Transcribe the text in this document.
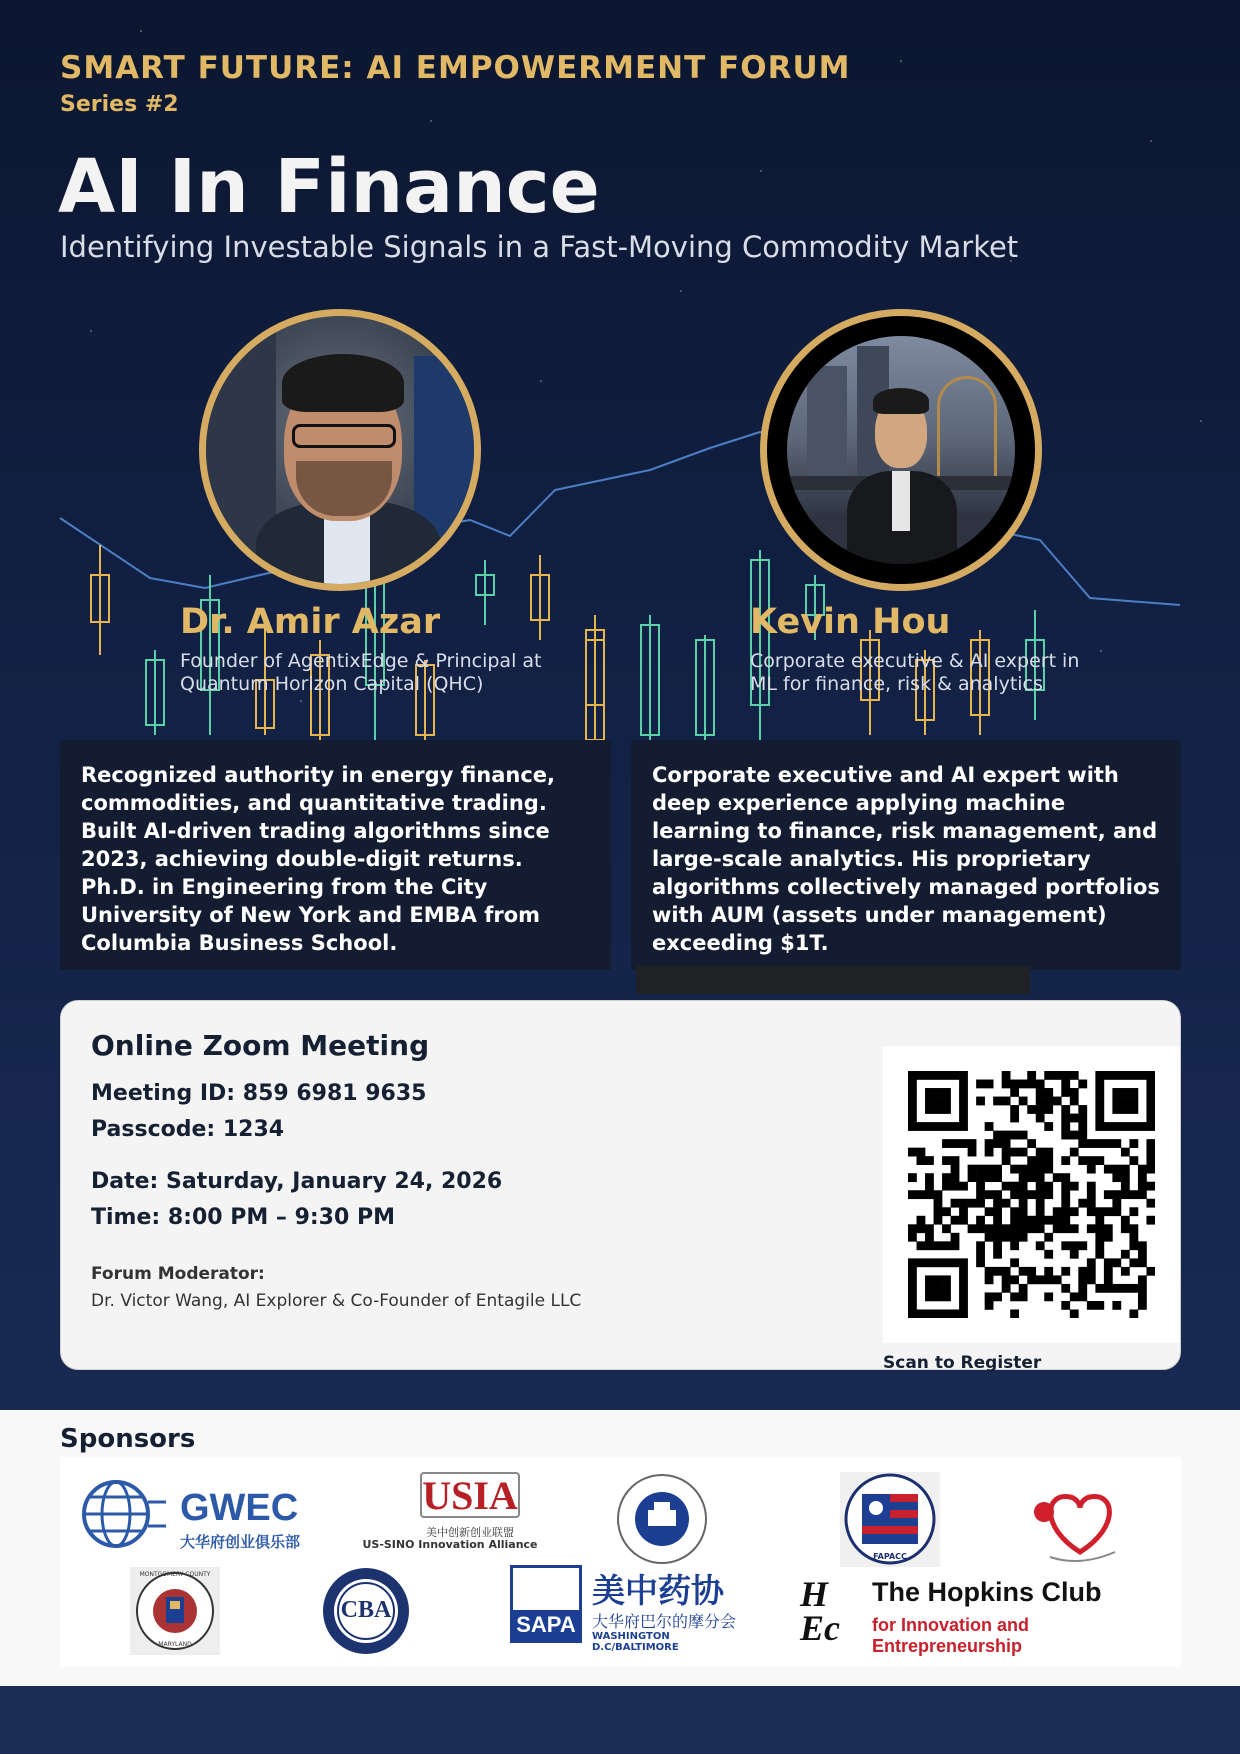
SMART FUTURE: AI EMPOWERMENT FORUM
Series #2
AI In Finance
Identifying Investable Signals in a Fast-Moving Commodity Market
Dr. Amir Azar
Founder of AgentixEdge & Principal at
Quantum Horizon Capital (QHC)
Kevin Hou
Corporate executive & AI expert in
ML for finance, risk & analytics
Recognized authority in energy finance, commodities, and quantitative trading. Built AI-driven trading algorithms since 2023, achieving double-digit returns. Ph.D. in Engineering from the City University of New York and EMBA from Columbia Business School.
Corporate executive and AI expert with deep experience applying machine learning to finance, risk management, and large-scale analytics. His proprietary algorithms collectively managed portfolios with AUM (assets under management) exceeding $1T.
Online Zoom Meeting
Meeting ID: 859 6981 9635
Passcode: 1234
Date: Saturday, January 24, 2026
Time: 8:00 PM – 9:30 PM
Forum Moderator:
Dr. Victor Wang, AI Explorer & Co-Founder of Entagile LLC
Scan to Register
Sponsors
GWEC
大华府创业俱乐部
USIA
美中创新创业联盟
US-SINO Innovation Alliance
FAPACC
MONTGOMERY COUNTY
MARYLAND
CBA
SAPA
美中药协
大华府巴尔的摩分会
WASHINGTON D.C/BALTIMORE
H
Ec
The Hopkins Club
for Innovation and Entrepreneurship
